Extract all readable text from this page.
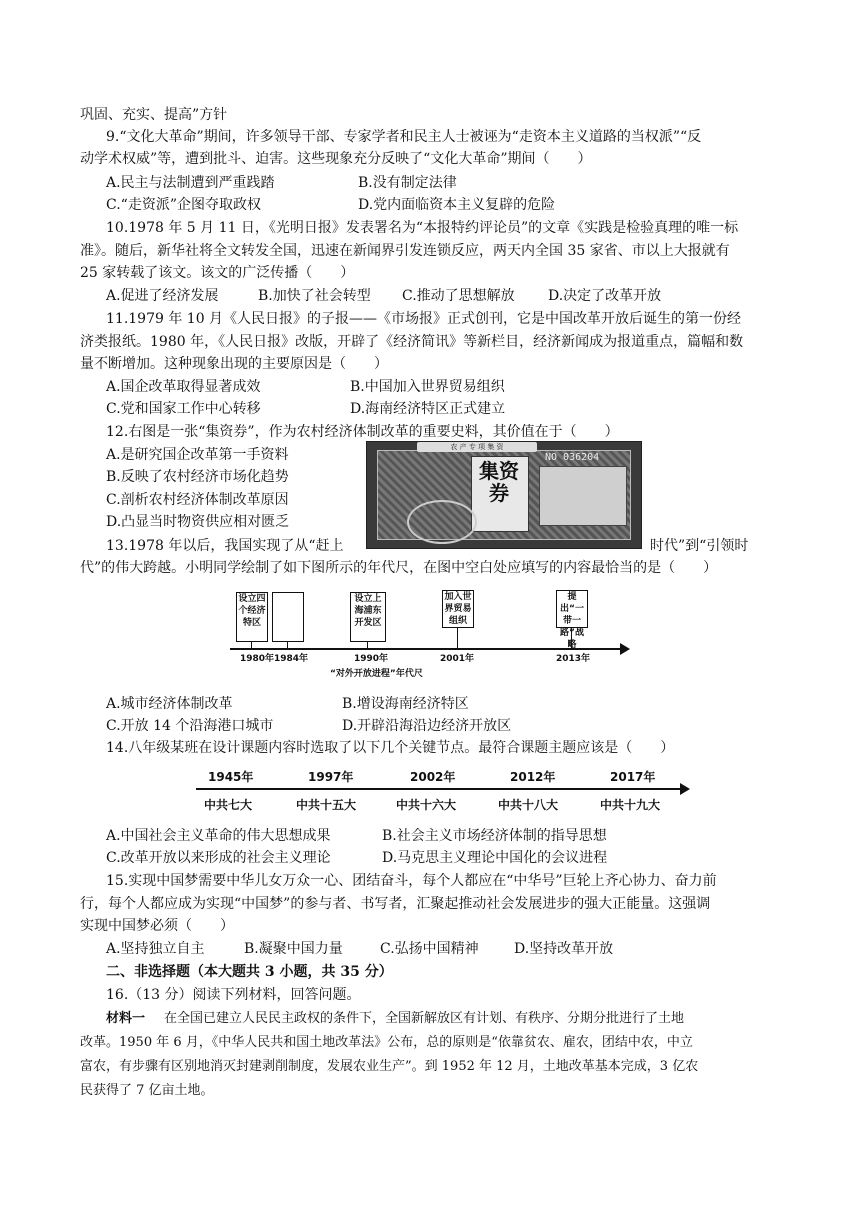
巩固、充实、提高”方针
9.“文化大革命”期间，许多领导干部、专家学者和民主人士被诬为“走资本主义道路的当权派”“反
动学术权威”等，遭到批斗、迫害。这些现象充分反映了“文化大革命”期间（　　）
A.民主与法制遭到严重践踏	B.没有制定法律
C.“走资派”企图夺取政权	D.党内面临资本主义复辟的危险
10.1978 年 5 月 11 日，《光明日报》发表署名为“本报特约评论员”的文章《实践是检验真理的唯一标
准》。随后，新华社将全文转发全国，迅速在新闻界引发连锁反应，两天内全国 35 家省、市以上大报就有
25 家转载了该文。该文的广泛传播（　　）
A.促进了经济发展	B.加快了社会转型 C.推动了思想解放 D.决定了改革开放
11.1979 年 10 月《人民日报》的子报——《市场报》正式创刊，它是中国改革开放后诞生的第一份经
济类报纸。1980 年，《人民日报》改版，开辟了《经济简讯》等新栏目，经济新闻成为报道重点，篇幅和数
量不断增加。这种现象出现的主要原因是（　　）
A.国企改革取得显著成效	B.中国加入世界贸易组织
C.党和国家工作中心转移	D.海南经济特区正式建立
12.右图是一张“集资券”，作为农村经济体制改革的重要史料，其价值在于（　　）
A.是研究国企改革第一手资料
B.反映了农村经济市场化趋势
C.剖析农村经济体制改革原因
D.凸显当时物资供应相对匮乏
农 产 专 项 集 资
集资券
NO 036204
13.1978 年以后，我国实现了从“赶上	时代”到“引领时
代”的伟大跨越。小明同学绘制了如下图所示的年代尺，在图中空白处应填写的内容最恰当的是（　　）
设立四个经济特区
设立上海浦东开发区
加入世界贸易组织
提出“一带一路”战略
1980年 1984年	1990年	2001年	2013年
“对外开放进程”年代尺
A.城市经济体制改革	B.增设海南经济特区
C.开放 14 个沿海港口城市	D.开辟沿海沿边经济开放区
14.八年级某班在设计课题内容时选取了以下几个关键节点。最符合课题主题应该是（　　）
1945年	1997年	2002年	2012年	2017年
中共七大	中共十五大	中共十六大	中共十八大	中共十九大
A.中国社会主义革命的伟大思想成果	B.社会主义市场经济体制的指导思想
C.改革开放以来形成的社会主义理论	D.马克思主义理论中国化的会议进程
15.实现中国梦需要中华儿女万众一心、团结奋斗，每个人都应在“中华号”巨轮上齐心协力、奋力前
行，每个人都应成为实现“中国梦”的参与者、书写者，汇聚起推动社会发展进步的强大正能量。这强调
实现中国梦必须（　　）
A.坚持独立自主	B.凝聚中国力量	C.弘扬中国精神	D.坚持改革开放
二、非选择题（本大题共 3 小题，共 35 分）
16.（13 分）阅读下列材料，回答问题。
材料一 在全国已建立人民民主政权的条件下，全国新解放区有计划、有秩序、分期分批进行了土地
改革。1950 年 6 月，《中华人民共和国土地改革法》公布，总的原则是“依靠贫农、雇农，团结中农，中立
富农，有步骤有区别地消灭封建剥削制度，发展农业生产”。到 1952 年 12 月，土地改革基本完成，3 亿农
民获得了 7 亿亩土地。
